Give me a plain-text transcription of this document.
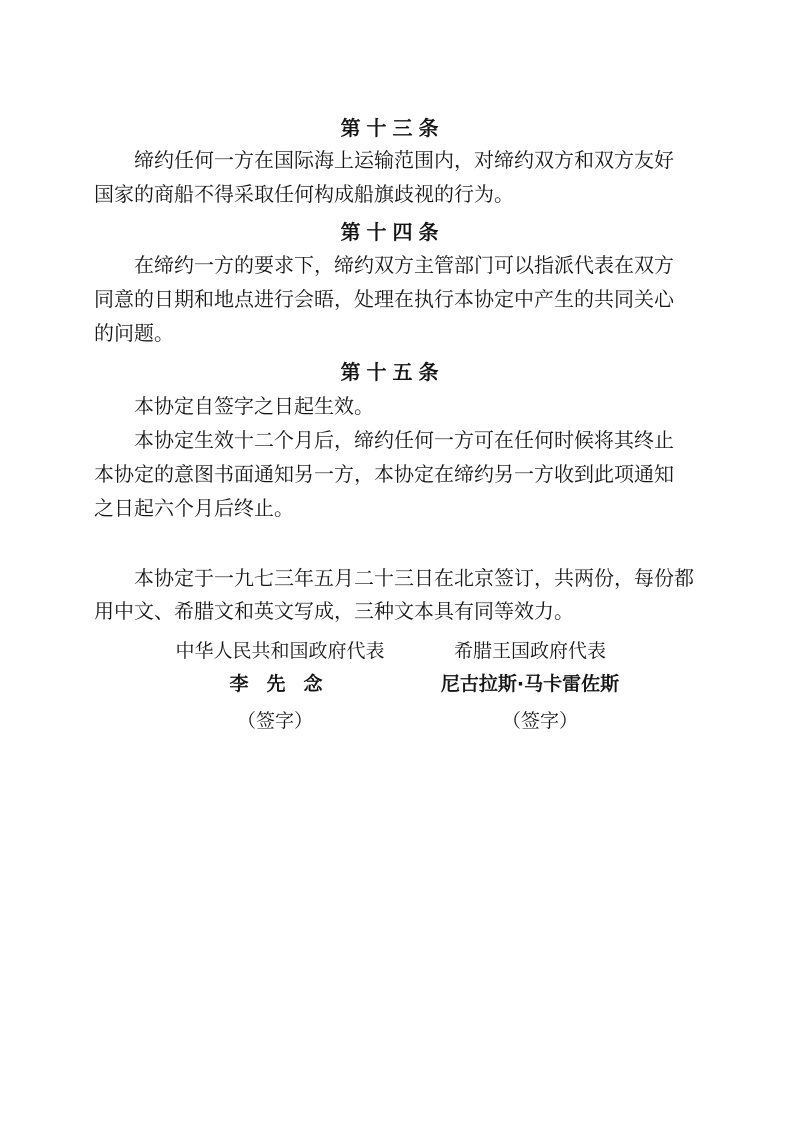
第十三条
缔约任何一方在国际海上运输范围内，对缔约双方和双方友好
国家的商船不得采取任何构成船旗歧视的行为。
第十四条
在缔约一方的要求下，缔约双方主管部门可以指派代表在双方
同意的日期和地点进行会晤，处理在执行本协定中产生的共同关心
的问题。
第十五条
本协定自签字之日起生效。
本协定生效十二个月后，缔约任何一方可在任何时候将其终止
本协定的意图书面通知另一方，本协定在缔约另一方收到此项通知
之日起六个月后终止。
本协定于一九七三年五月二十三日在北京签订，共两份，每份都
用中文、希腊文和英文写成，三种文本具有同等效力。
中华人民共和国政府代表
李先念
（签字）
希腊王国政府代表
尼古拉斯·马卡雷佐斯
（签字）
